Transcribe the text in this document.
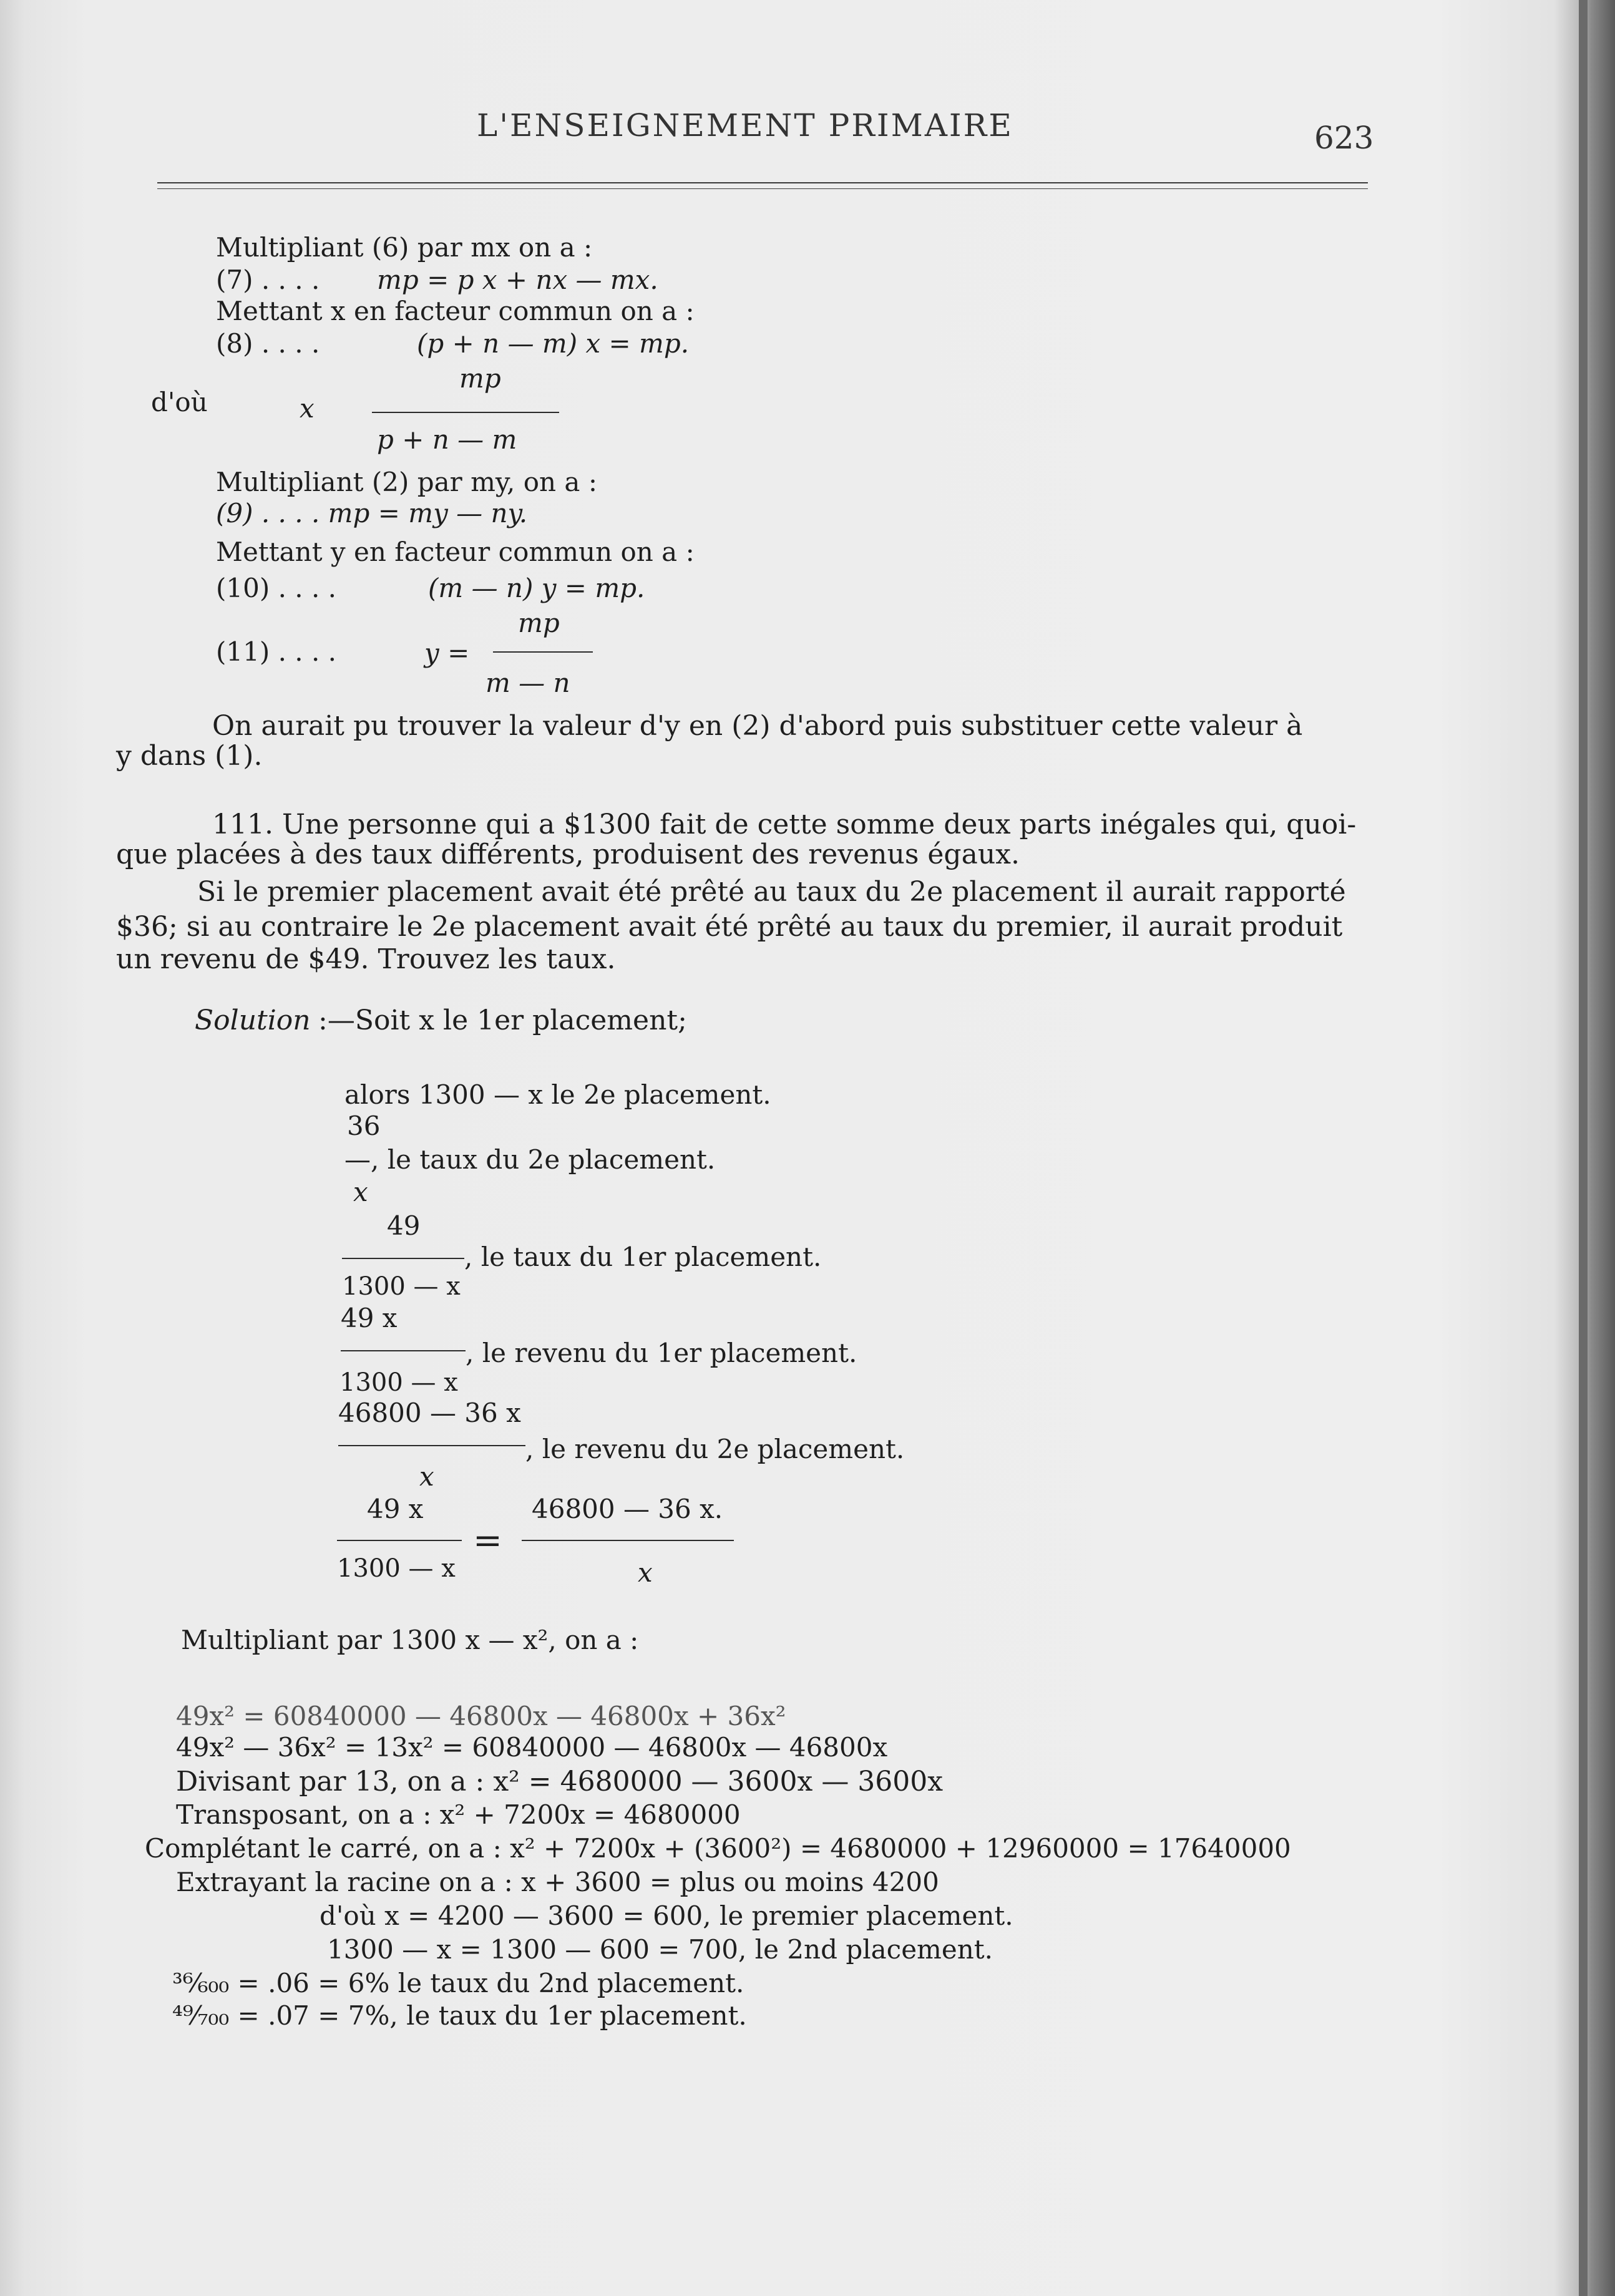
L'ENSEIGNEMENT PRIMAIRE	623
Multipliant (6) par mx on a :
(7) . . . . mp = p x + nx — mx.
Mettant x en facteur commun on a :
(8) . . . .	(p + n — m) x = mp.
mp
d'où	x
p + n — m
Multipliant (2) par my, on a :
(9) . . . . mp = my — ny.
Mettant y en facteur commun on a :
(10) . . . .	(m — n) y = mp.
mp
(11) . . . .	y =
m — n
On aurait pu trouver la valeur d'y en (2) d'abord puis substituer cette valeur à
y dans (1).
111. Une personne qui a $1300 fait de cette somme deux parts inégales qui, quoi-
que placées à des taux différents, produisent des revenus égaux.
Si le premier placement avait été prêté au taux du 2e placement il aurait rapporté
$36; si au contraire le 2e placement avait été prêté au taux du premier, il aurait produit
un revenu de $49. Trouvez les taux.
Solution :—Soit x le 1er placement;
alors 1300 — x le 2e placement.
36
—, le taux du 2e placement.
x
49
, le taux du 1er placement.
1300 — x
49 x
, le revenu du 1er placement.
1300 — x
46800 — 36 x
, le revenu du 2e placement.
x
49 x
=
46800 — 36 x.
1300 — x	x
Multipliant par 1300 x — x², on a :
49x² = 60840000 — 46800x — 46800x + 36x²
49x² — 36x² = 13x² = 60840000 — 46800x — 46800x
Divisant par 13, on a : x² = 4680000 — 3600x — 3600x
Transposant, on a : x² + 7200x = 4680000
Complétant le carré, on a : x² + 7200x + (3600²) = 4680000 + 12960000 = 17640000
Extrayant la racine on a : x + 3600 = plus ou moins 4200
d'où x = 4200 — 3600 = 600, le premier placement.
1300 — x = 1300 — 600 = 700, le 2nd placement.
³⁶⁄₆₀₀ = .06 = 6% le taux du 2nd placement.
⁴⁹⁄₇₀₀ = .07 = 7%, le taux du 1er placement.
